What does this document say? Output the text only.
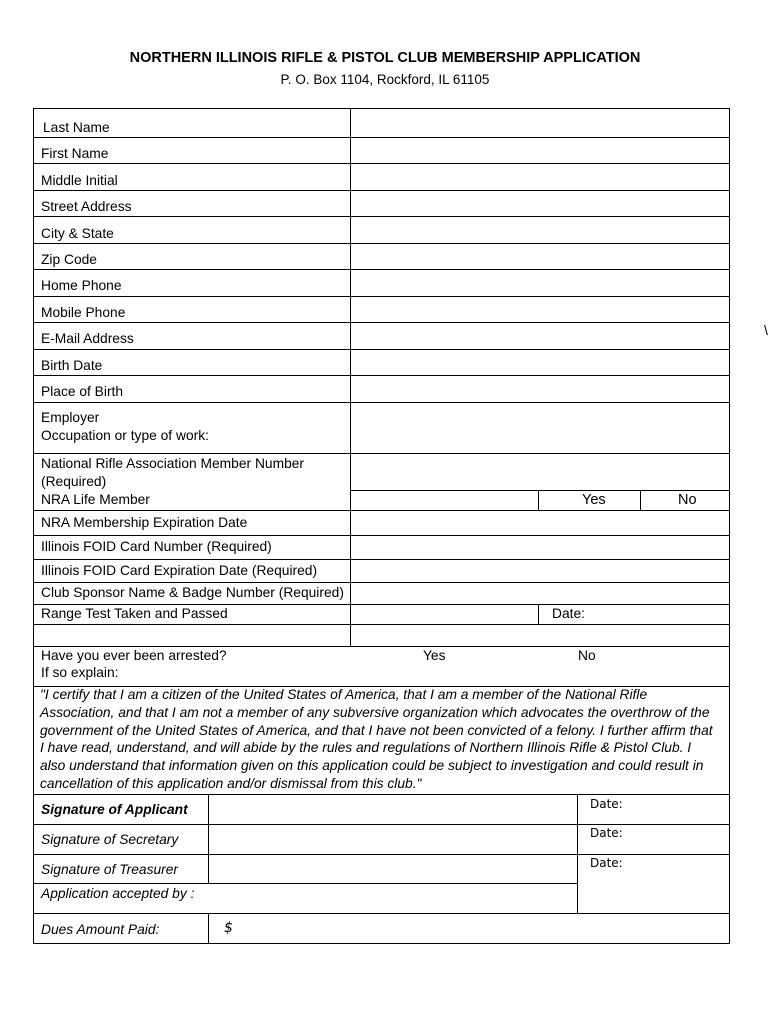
NORTHERN ILLINOIS RIFLE & PISTOL CLUB MEMBERSHIP APPLICATION
P. O. Box 1104, Rockford, IL 61105
Last Name
First Name
Middle Initial
Street Address
City & State
Zip Code
Home Phone
Mobile Phone
E-Mail Address
Birth Date
Place of Birth
Employer
Occupation or type of work:
National Rifle Association Member Number
(Required)
NRA Life Member	Yes	No
NRA Membership Expiration Date
Illinois FOID Card Number (Required)
Illinois FOID Card Expiration Date (Required)
Club Sponsor Name & Badge Number (Required)
Range Test Taken and Passed	Date:
Have you ever been arrested?
If so explain:
Yes	No
"I certify that I am a citizen of the United States of America, that I am a member of the National Rifle
Association, and that I am not a member of any subversive organization which advocates the overthrow of the
government of the United States of America, and that I have not been convicted of a felony. I further affirm that
I have read, understand, and will abide by the rules and regulations of Northern Illinois Rifle & Pistol Club. I
also understand that information given on this application could be subject to investigation and could result in
cancellation of this application and/or dismissal from this club."
Signature of Applicant	Date:
Signature of Secretary	Date:
Signature of Treasurer	Date:
Application accepted by :
Dues Amount Paid:	$
\
